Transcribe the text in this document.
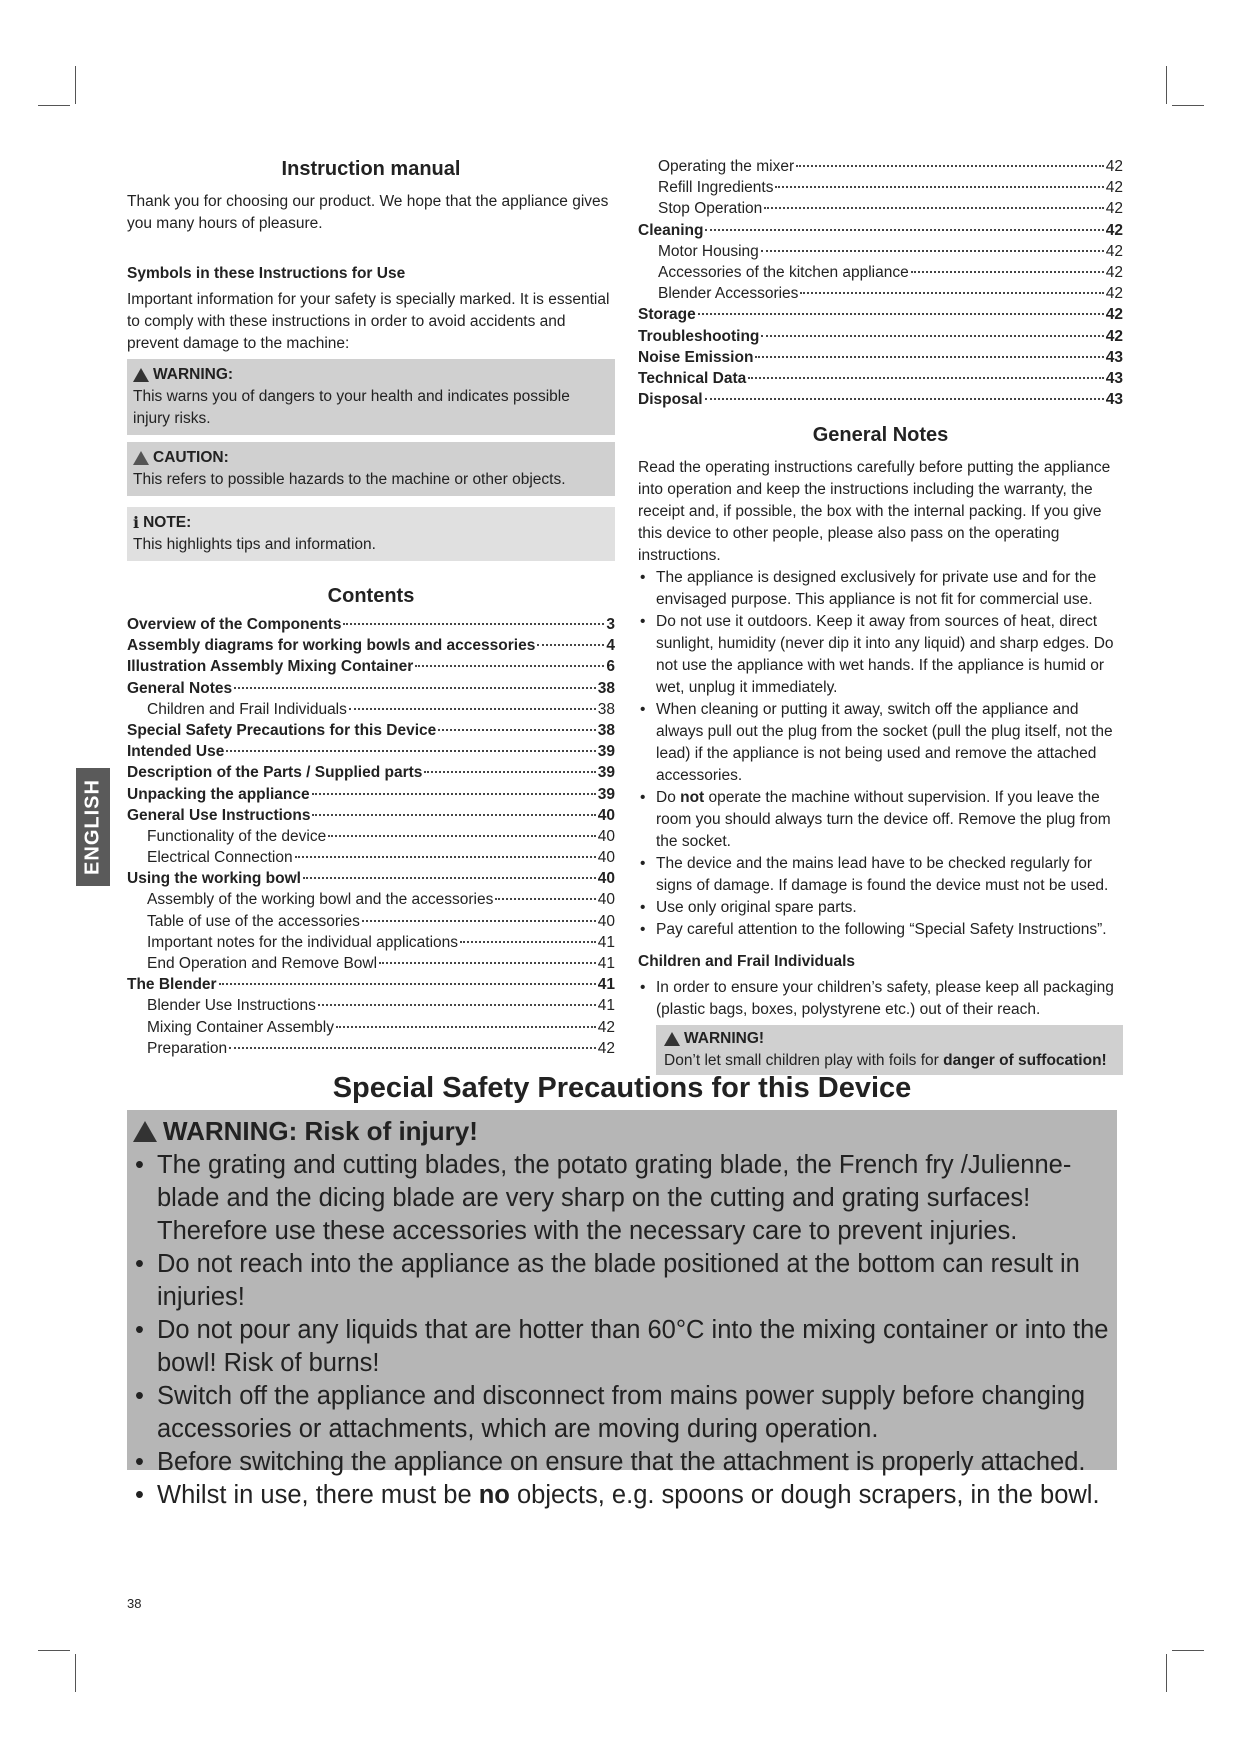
ENGLISH
Instruction manual

Thank you for choosing our product. We hope that the appliance gives you many hours of pleasure.

Symbols in these Instructions for Use

Important information for your safety is specially marked. It is essential to comply with these instructions in order to avoid accidents and prevent damage to the machine:

WARNING:
This warns you of dangers to your health and indicates possible injury risks.
CAUTION:
This refers to possible hazards to the machine or other objects.
i NOTE:
This highlights tips and information.
Contents
Overview of the Components	3
Assembly diagrams for working bowls and accessories	4
Illustration Assembly Mixing Container	6
General Notes	38
Children and Frail Individuals	38
Special Safety Precautions for this Device	38
Intended Use	39
Description of the Parts / Supplied parts	39
Unpacking the appliance	39
General Use Instructions	40
Functionality of the device	40
Electrical Connection	40
Using the working bowl	40
Assembly of the working bowl and the accessories	40
Table of use of the accessories	40
Important notes for the individual applications	41
End Operation and Remove Bowl	41
The Blender	41
Blender Use Instructions	41
Mixing Container Assembly	42
Preparation	42
Operating the mixer	42
Refill Ingredients	42
Stop Operation	42
Cleaning	42
Motor Housing	42
Accessories of the kitchen appliance	42
Blender Accessories	42
Storage	42
Troubleshooting	42
Noise Emission	43
Technical Data	43
Disposal	43
General Notes

Read the operating instructions carefully before putting the appliance into operation and keep the instructions including the warranty, the receipt and, if possible, the box with the internal packing. If you give this device to other people, please also pass on the operating instructions.

• The appliance is designed exclusively for private use and for the envisaged purpose. This appliance is not fit for commercial use.
• Do not use it outdoors. Keep it away from sources of heat, direct sunlight, humidity (never dip it into any liquid) and sharp edges. Do not use the appliance with wet hands. If the appliance is humid or wet, unplug it immediately.
• When cleaning or putting it away, switch off the appliance and always pull out the plug from the socket (pull the plug itself, not the lead) if the appliance is not being used and remove the attached accessories.
• Do not operate the machine without supervision. If you leave the room you should always turn the device off. Remove the plug from the socket.
• The device and the mains lead have to be checked regularly for signs of damage. If damage is found the device must not be used.
• Use only original spare parts.
• Pay careful attention to the following “Special Safety Instructions”.
Children and Frail Individuals
• In order to ensure your children’s safety, please keep all packaging (plastic bags, boxes, polystyrene etc.) out of their reach.
WARNING!
Don’t let small children play with foils for danger of suffocation!
Special Safety Precautions for this Device
WARNING: Risk of injury!
• The grating and cutting blades, the potato grating blade, the French fry /Julienne-blade and the dicing blade are very sharp on the cutting and grating surfaces! Therefore use these accessories with the necessary care to prevent injuries.
• Do not reach into the appliance as the blade positioned at the bottom can result in injuries!
• Do not pour any liquids that are hotter than 60°C into the mixing container or into the bowl! Risk of burns!
• Switch off the appliance and disconnect from mains power supply before changing accessories or attachments, which are moving during operation.
• Before switching the appliance on ensure that the attachment is properly attached.
• Whilst in use, there must be no objects, e.g. spoons or dough scrapers, in the bowl.
38
